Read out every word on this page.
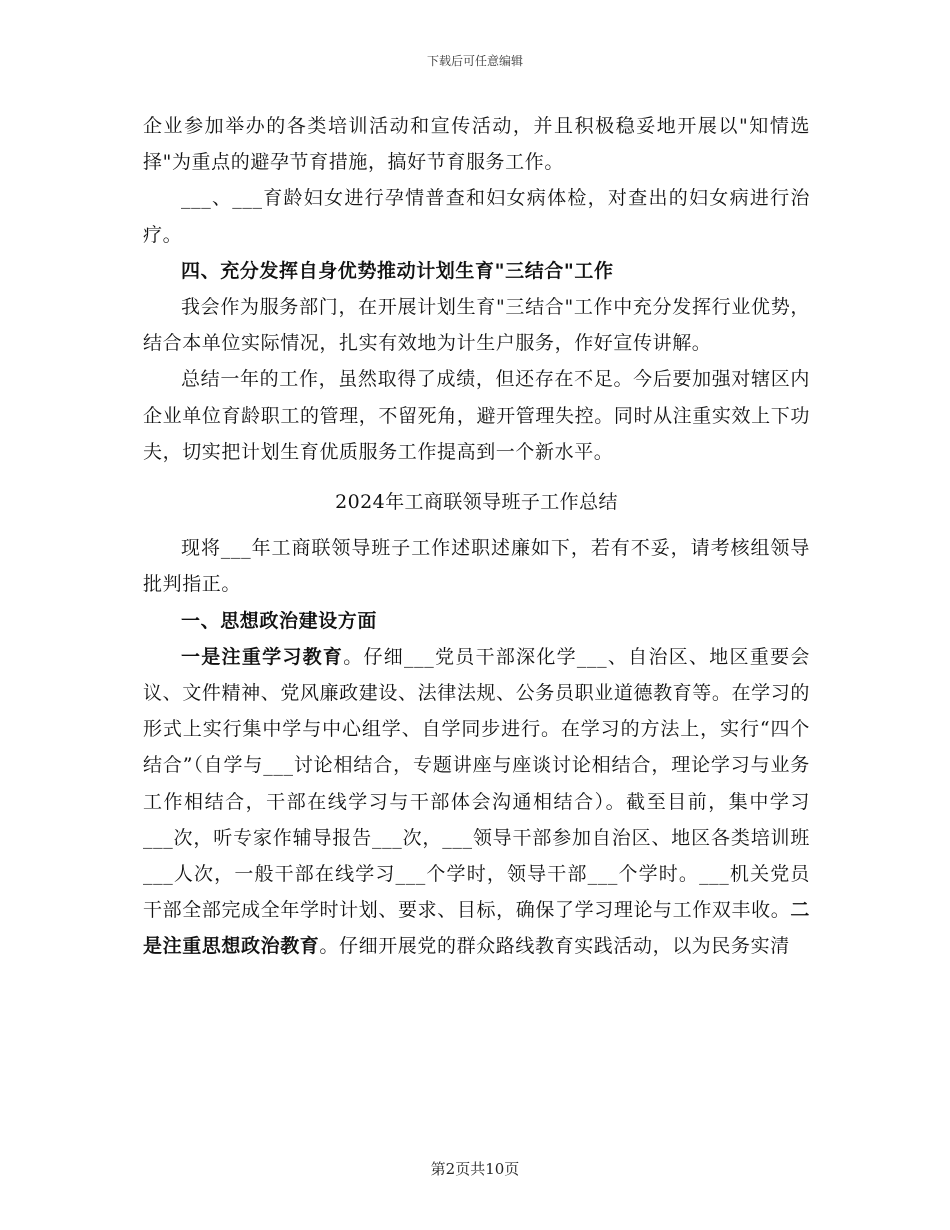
下载后可任意编辑

企业参加举办的各类培训活动和宣传活动，并且积极稳妥地开展以"知情选择"为重点的避孕节育措施，搞好节育服务工作。

___、___育龄妇女进行孕情普查和妇女病体检，对查出的妇女病进行治疗。

四、充分发挥自身优势推动计划生育"三结合"工作

我会作为服务部门，在开展计划生育"三结合"工作中充分发挥行业优势，结合本单位实际情况，扎实有效地为计生户服务，作好宣传讲解。

总结一年的工作，虽然取得了成绩，但还存在不足。今后要加强对辖区内企业单位育龄职工的管理，不留死角，避开管理失控。同时从注重实效上下功夫，切实把计划生育优质服务工作提高到一个新水平。

2024年工商联领导班子工作总结

现将___年工商联领导班子工作述职述廉如下，若有不妥，请考核组领导批判指正。

一、思想政治建设方面

一是注重学习教育。仔细___党员干部深化学___、自治区、地区重要会议、文件精神、党风廉政建设、法律法规、公务员职业道德教育等。在学习的形式上实行集中学与中心组学、自学同步进行。在学习的方法上，实行“四个结合”（自学与___讨论相结合，专题讲座与座谈讨论相结合，理论学习与业务工作相结合，干部在线学习与干部体会沟通相结合）。截至目前，集中学习___次，听专家作辅导报告___次，___领导干部参加自治区、地区各类培训班___人次，一般干部在线学习___个学时，领导干部___个学时。___机关党员干部全部完成全年学时计划、要求、目标，确保了学习理论与工作双丰收。二是注重思想政治教育。仔细开展党的群众路线教育实践活动，以为民务实清

第2页共10页
